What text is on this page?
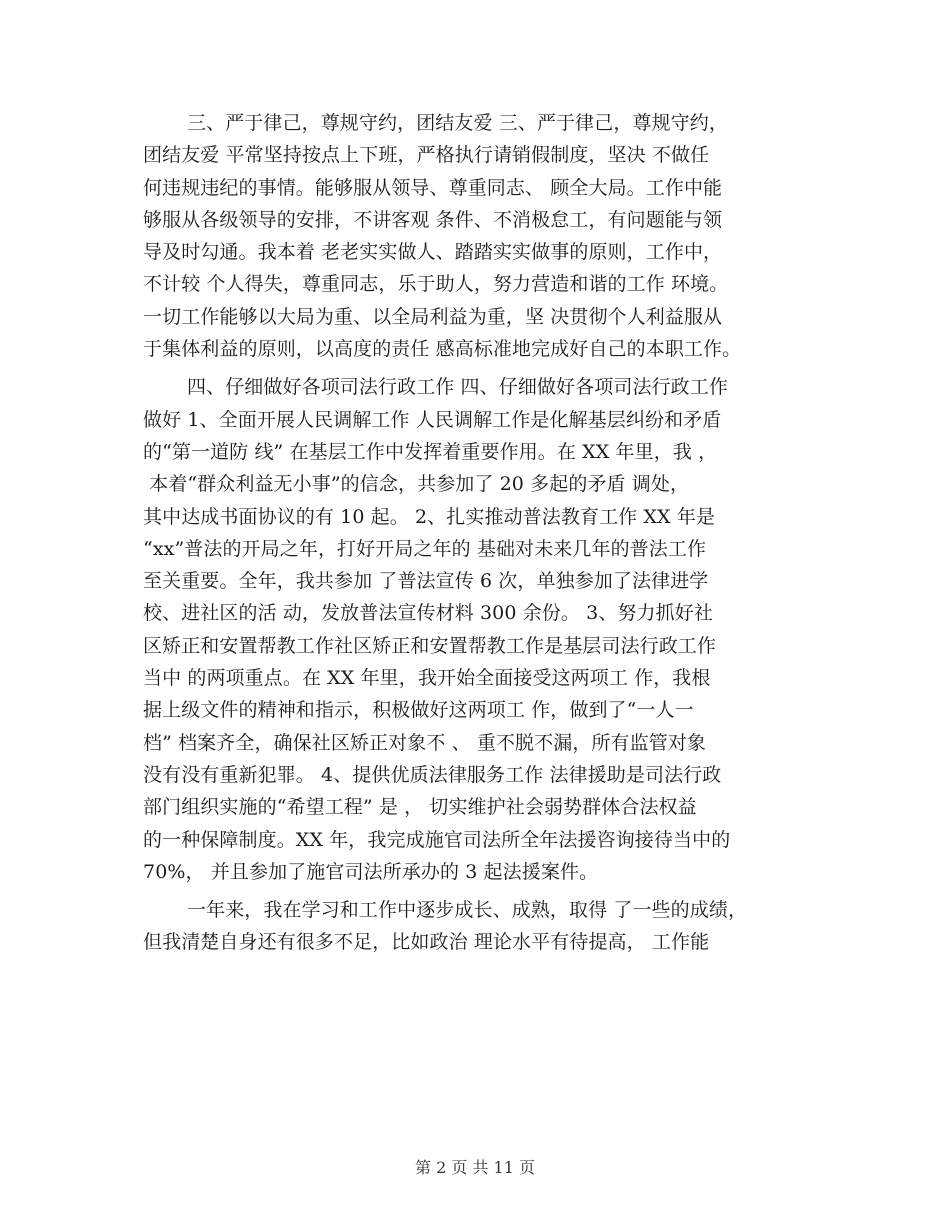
三、严于律己，尊规守约，团结友爱 三、严于律己，尊规守约，
团结友爱 平常坚持按点上下班，严格执行请销假制度，坚决 不做任
何违规违纪的事情。能够服从领导、尊重同志、 顾全大局。工作中能
够服从各级领导的安排，不讲客观 条件、不消极怠工，有问题能与领
导及时勾通。我本着 老老实实做人、踏踏实实做事的原则，工作中，
不计较 个人得失，尊重同志，乐于助人，努力营造和谐的工作 环境。
一切工作能够以大局为重、以全局利益为重，坚 决贯彻个人利益服从
于集体利益的原则，以高度的责任 感高标准地完成好自己的本职工作。
四、仔细做好各项司法行政工作 四、仔细做好各项司法行政工作
做好 1、全面开展人民调解工作 人民调解工作是化解基层纠纷和矛盾
的“第一道防 线” 在基层工作中发挥着重要作用。在 XX 年里，我 ，
本着“群众利益无小事”的信念，共参加了 20 多起的矛盾 调处，
其中达成书面协议的有 10 起。 2、扎实推动普法教育工作 XX 年是
“xx”普法的开局之年，打好开局之年的 基础对未来几年的普法工作
至关重要。全年，我共参加 了普法宣传 6 次，单独参加了法律进学
校、进社区的活 动，发放普法宣传材料 300 余份。 3、努力抓好社
区矫正和安置帮教工作社区矫正和安置帮教工作是基层司法行政工作
当中 的两项重点。在 XX 年里，我开始全面接受这两项工 作，我根
据上级文件的精神和指示，积极做好这两项工 作，做到了“一人一
档” 档案齐全，确保社区矫正对象不 、 重不脱不漏，所有监管对象
没有没有重新犯罪。 4、提供优质法律服务工作 法律援助是司法行政
部门组织实施的“希望工程” 是 ， 切实维护社会弱势群体合法权益
的一种保障制度。XX 年，我完成施官司法所全年法援咨询接待当中的
70%， 并且参加了施官司法所承办的 3 起法援案件。
一年来，我在学习和工作中逐步成长、成熟，取得 了一些的成绩，
但我清楚自身还有很多不足，比如政治 理论水平有待提高， 工作能
第 2 页 共 11 页
